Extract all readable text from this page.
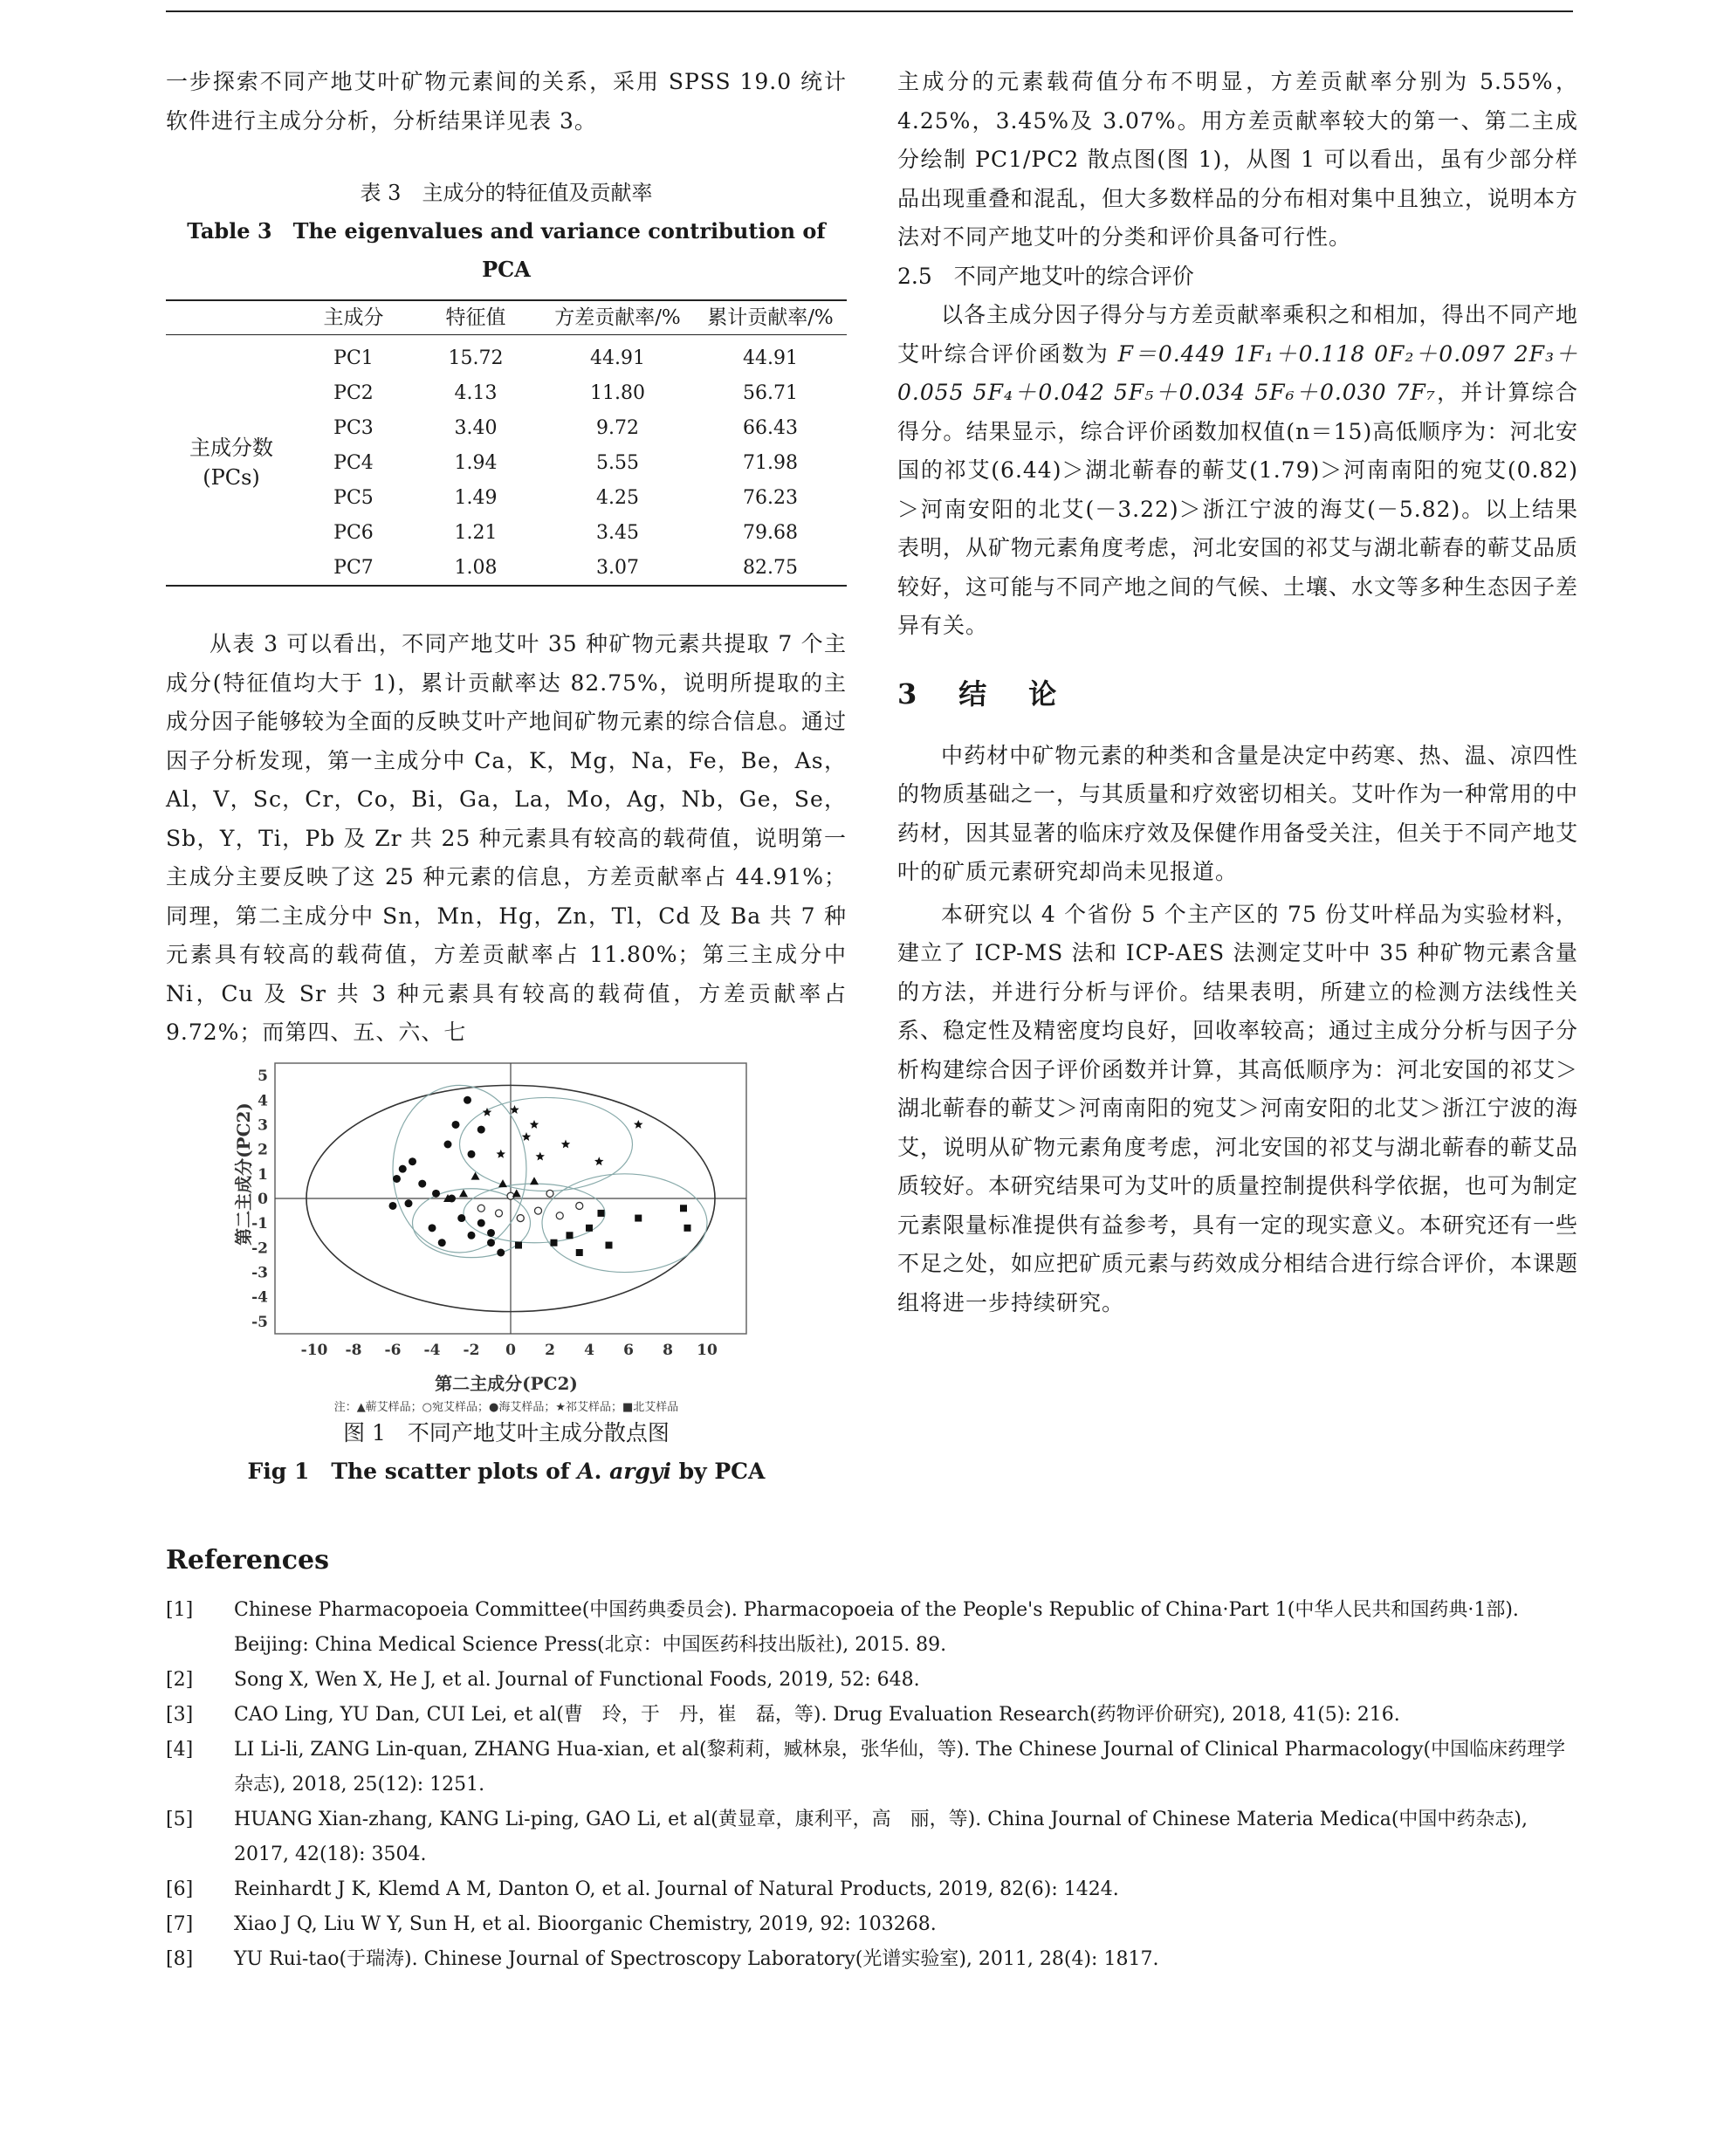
一步探索不同产地艾叶矿物元素间的关系，采用 SPSS 19.0 统计软件进行主成分分析，分析结果详见表 3。

表 3　主成分的特征值及贡献率

Table 3　The eigenvalues and variance contribution of PCA

	主成分	特征值	方差贡献率/%	累计贡献率/%

主成分数
(PCs)	PC1	15.72	44.91	44.91
	PC2	4.13	11.80	56.71
	PC3	3.40	9.72	66.43
	PC4	1.94	5.55	71.98
	PC5	1.49	4.25	76.23
	PC6	1.21	3.45	79.68
	PC7	1.08	3.07	82.75

从表 3 可以看出，不同产地艾叶 35 种矿物元素共提取 7 个主成分(特征值均大于 1)，累计贡献率达 82.75%，说明所提取的主成分因子能够较为全面的反映艾叶产地间矿物元素的综合信息。通过因子分析发现，第一主成分中 Ca，K，Mg，Na，Fe，Be，As，Al，V，Sc，Cr，Co，Bi，Ga，La，Mo，Ag，Nb，Ge，Se，Sb，Y，Ti，Pb 及 Zr 共 25 种元素具有较高的载荷值，说明第一主成分主要反映了这 25 种元素的信息，方差贡献率占 44.91%；同理，第二主成分中 Sn，Mn，Hg，Zn，Tl，Cd 及 Ba 共 7 种元素具有较高的载荷值，方差贡献率占 11.80%；第三主成分中 Ni，Cu 及 Sr 共 3 种元素具有较高的载荷值，方差贡献率占 9.72%；而第四、五、六、七

第二主成分(PC2)
第二主成分(PC2)
注：▲蕲艾样品；○宛艾样品；●海艾样品；★祁艾样品；■北艾样品
-10 -8 -6 -4 -2 0 2 4 6 8 10
5
4
3
2
1
0
-1
-2
-3
-4
-5

图 1　不同产地艾叶主成分散点图

Fig 1　The scatter plots of A. argyi by PCA

主成分的元素载荷值分布不明显，方差贡献率分别为 5.55%，4.25%，3.45%及 3.07%。用方差贡献率较大的第一、第二主成分绘制 PC1/PC2 散点图(图 1)，从图 1 可以看出，虽有少部分样品出现重叠和混乱，但大多数样品的分布相对集中且独立，说明本方法对不同产地艾叶的分类和评价具备可行性。

2.5　不同产地艾叶的综合评价

以各主成分因子得分与方差贡献率乘积之和相加，得出不同产地艾叶综合评价函数为 F＝0.449 1F₁＋0.118 0F₂＋0.097 2F₃＋0.055 5F₄＋0.042 5F₅＋0.034 5F₆＋0.030 7F₇，并计算综合得分。结果显示，综合评价函数加权值(n＝15)高低顺序为：河北安国的祁艾(6.44)＞湖北蕲春的蕲艾(1.79)＞河南南阳的宛艾(0.82)＞河南安阳的北艾(－3.22)＞浙江宁波的海艾(－5.82)。以上结果表明，从矿物元素角度考虑，河北安国的祁艾与湖北蕲春的蕲艾品质较好，这可能与不同产地之间的气候、土壤、水文等多种生态因子差异有关。

3　结　论

中药材中矿物元素的种类和含量是决定中药寒、热、温、凉四性的物质基础之一，与其质量和疗效密切相关。艾叶作为一种常用的中药材，因其显著的临床疗效及保健作用备受关注，但关于不同产地艾叶的矿质元素研究却尚未见报道。

本研究以 4 个省份 5 个主产区的 75 份艾叶样品为实验材料，建立了 ICP-MS 法和 ICP-AES 法测定艾叶中 35 种矿物元素含量的方法，并进行分析与评价。结果表明，所建立的检测方法线性关系、稳定性及精密度均良好，回收率较高；通过主成分分析与因子分析构建综合因子评价函数并计算，其高低顺序为：河北安国的祁艾＞湖北蕲春的蕲艾＞河南南阳的宛艾＞河南安阳的北艾＞浙江宁波的海艾，说明从矿物元素角度考虑，河北安国的祁艾与湖北蕲春的蕲艾品质较好。本研究结果可为艾叶的质量控制提供科学依据，也可为制定元素限量标准提供有益参考，具有一定的现实意义。本研究还有一些不足之处，如应把矿质元素与药效成分相结合进行综合评价，本课题组将进一步持续研究。

References

[1]	Chinese Pharmacopoeia Committee(中国药典委员会). Pharmacopoeia of the People's Republic of China·Part 1(中华人民共和国药典·1部). Beijing: China Medical Science Press(北京：中国医药科技出版社), 2015. 89.
[2]	Song X, Wen X, He J, et al. Journal of Functional Foods, 2019, 52: 648.
[3]	CAO Ling, YU Dan, CUI Lei, et al(曹　玲，于　丹，崔　磊，等). Drug Evaluation Research(药物评价研究), 2018, 41(5): 216.
[4]	LI Li-li, ZANG Lin-quan, ZHANG Hua-xian, et al(黎莉莉，臧林泉，张华仙，等). The Chinese Journal of Clinical Pharmacology(中国临床药理学杂志), 2018, 25(12): 1251.
[5]	HUANG Xian-zhang, KANG Li-ping, GAO Li, et al(黄显章，康利平，高　丽，等). China Journal of Chinese Materia Medica(中国中药杂志), 2017, 42(18): 3504.
[6]	Reinhardt J K, Klemd A M, Danton O, et al. Journal of Natural Products, 2019, 82(6): 1424.
[7]	Xiao J Q, Liu W Y, Sun H, et al. Bioorganic Chemistry, 2019, 92: 103268.
[8]	YU Rui-tao(于瑞涛). Chinese Journal of Spectroscopy Laboratory(光谱实验室), 2011, 28(4): 1817.
